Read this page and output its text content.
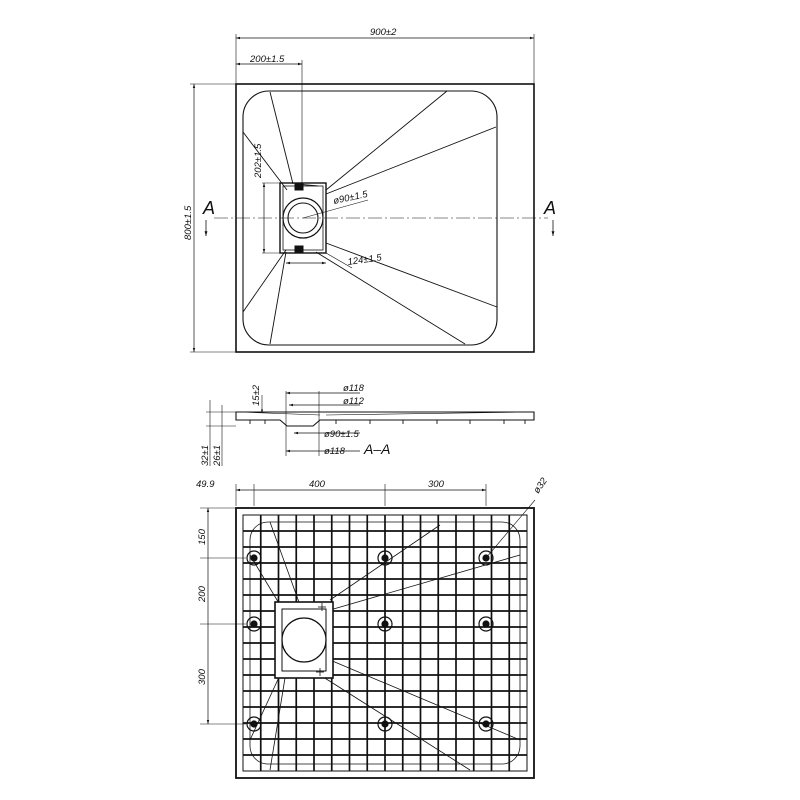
900±2
200±1.5
800±1.5
202±1.5
ø90±1.5
124±1.5
A	A
15±2	ø118
ø112
ø90±1.5
ø118 A–A
32±1 26±1
49.9	400	300	ø32
150
200
300
